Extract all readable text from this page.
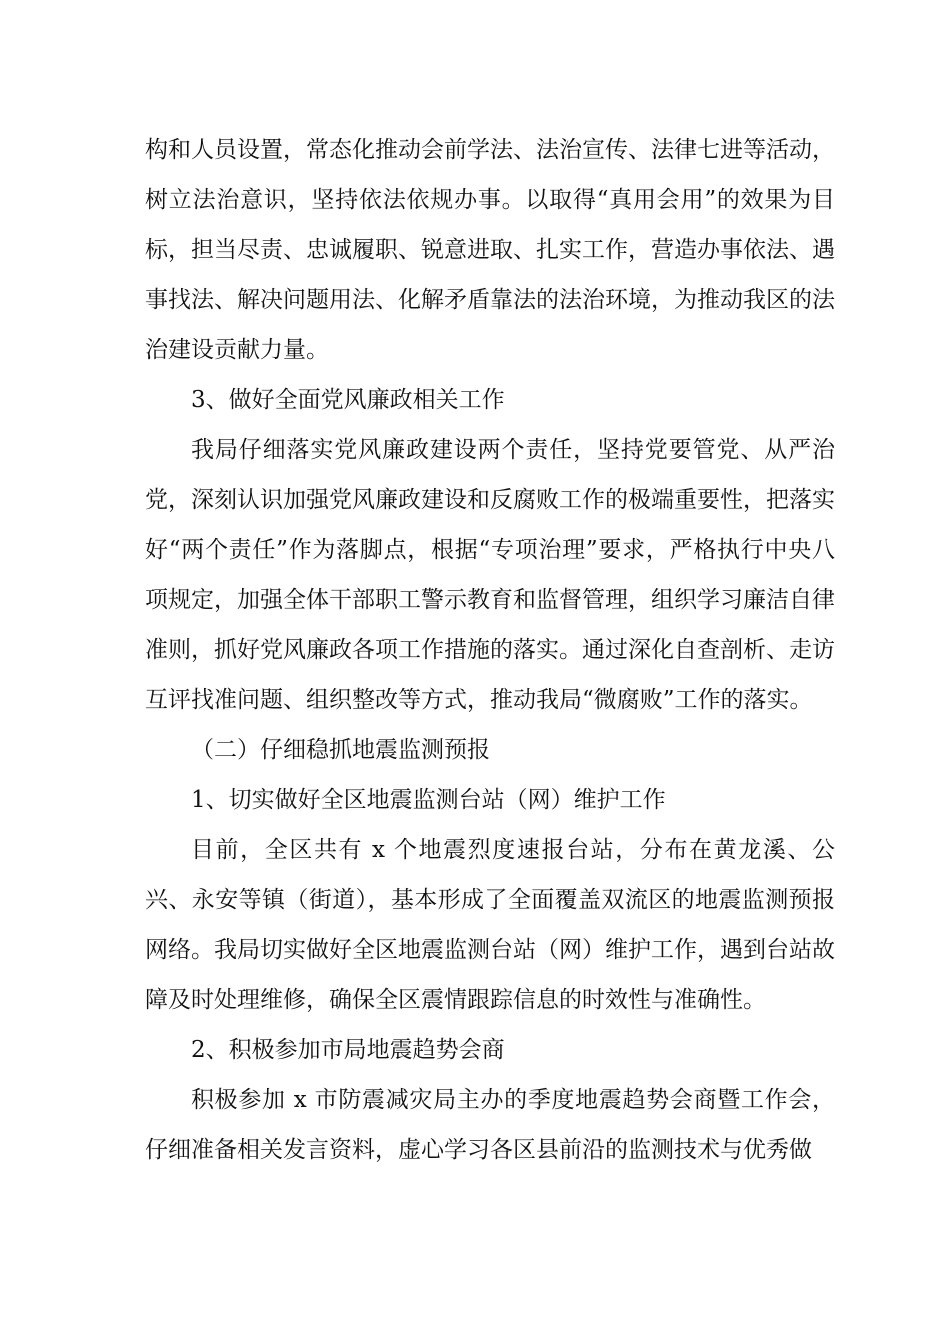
构和人员设置，常态化推动会前学法、法治宣传、法律七进等活动，树立法治意识，坚持依法依规办事。以取得“真用会用”的效果为目标，担当尽责、忠诚履职、锐意进取、扎实工作，营造办事依法、遇事找法、解决问题用法、化解矛盾靠法的法治环境，为推动我区的法治建设贡献力量。

3、做好全面党风廉政相关工作

我局仔细落实党风廉政建设两个责任，坚持党要管党、从严治党，深刻认识加强党风廉政建设和反腐败工作的极端重要性，把落实好“两个责任”作为落脚点，根据“专项治理”要求，严格执行中央八项规定，加强全体干部职工警示教育和监督管理，组织学习廉洁自律准则，抓好党风廉政各项工作措施的落实。通过深化自查剖析、走访互评找准问题、组织整改等方式，推动我局“微腐败”工作的落实。

（二）仔细稳抓地震监测预报

1、切实做好全区地震监测台站（网）维护工作

目前，全区共有 x 个地震烈度速报台站，分布在黄龙溪、公兴、永安等镇（街道），基本形成了全面覆盖双流区的地震监测预报网络。我局切实做好全区地震监测台站（网）维护工作，遇到台站故障及时处理维修，确保全区震情跟踪信息的时效性与准确性。

2、积极参加市局地震趋势会商

积极参加 x 市防震减灾局主办的季度地震趋势会商暨工作会，仔细准备相关发言资料，虚心学习各区县前沿的监测技术与优秀做
